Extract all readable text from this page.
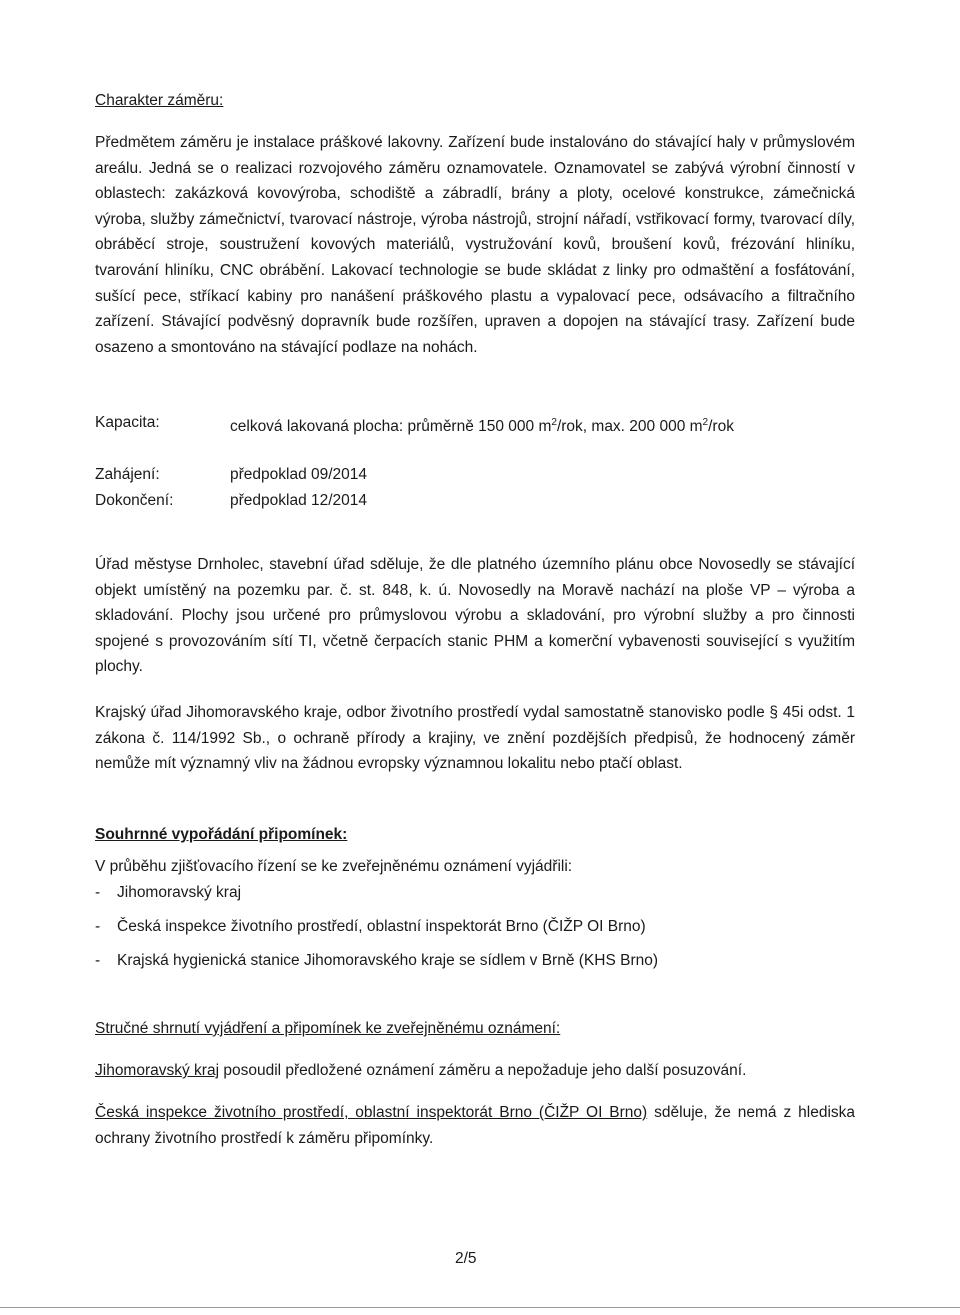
Charakter záměru:

Předmětem záměru je instalace práškové lakovny. Zařízení bude instalováno do stávající haly v průmyslovém areálu. Jedná se o realizaci rozvojového záměru oznamovatele. Oznamovatel se zabývá výrobní činností v oblastech: zakázková kovovýroba, schodiště a zábradlí, brány a ploty, ocelové konstrukce, zámečnická výroba, služby zámečnictví, tvarovací nástroje, výroba nástrojů, strojní nářadí, vstřikovací formy, tvarovací díly, obráběcí stroje, soustružení kovových materiálů, vystružování kovů, broušení kovů, frézování hliníku, tvarování hliníku, CNC obrábění. Lakovací technologie se bude skládat z linky pro odmaštění a fosfátování, sušící pece, stříkací kabiny pro nanášení práškového plastu a vypalovací pece, odsávacího a filtračního zařízení. Stávající podvěsný dopravník bude rozšířen, upraven a dopojen na stávající trasy. Zařízení bude osazeno a smontováno na stávající podlaze na nohách.

Kapacita:	celková lakovaná plocha: průměrně 150 000 $m^2$/rok, max. 200 000 $m^2$/rok
Zahájení:	předpoklad 09/2014
Dokončení:	předpoklad 12/2014

Úřad městyse Drnholec, stavební úřad sděluje, že dle platného územního plánu obce Novosedly se stávající objekt umístěný na pozemku par. č. st. 848, k. ú. Novosedly na Moravě nachází na ploše VP – výroba a skladování. Plochy jsou určené pro průmyslovou výrobu a skladování, pro výrobní služby a pro činnosti spojené s provozováním sítí TI, včetně čerpacích stanic PHM a komerční vybavenosti související s využitím plochy.

Krajský úřad Jihomoravského kraje, odbor životního prostředí vydal samostatně stanovisko podle § 45i odst. 1 zákona č. 114/1992 Sb., o ochraně přírody a krajiny, ve znění pozdějších předpisů, že hodnocený záměr nemůže mít významný vliv na žádnou evropsky významnou lokalitu nebo ptačí oblast.

Souhrnné vypořádání připomínek:
V průběhu zjišťovacího řízení se ke zveřejněnému oznámení vyjádřili:
- Jihomoravský kraj
- Česká inspekce životního prostředí, oblastní inspektorát Brno (ČIŽP OI Brno)
- Krajská hygienická stanice Jihomoravského kraje se sídlem v Brně (KHS Brno)
Stručné shrnutí vyjádření a připomínek ke zveřejněnému oznámení:

Jihomoravský kraj posoudil předložené oznámení záměru a nepožaduje jeho další posuzování.

Česká inspekce životního prostředí, oblastní inspektorát Brno (ČIŽP OI Brno) sděluje, že nemá z hlediska ochrany životního prostředí k záměru připomínky.

2/5
